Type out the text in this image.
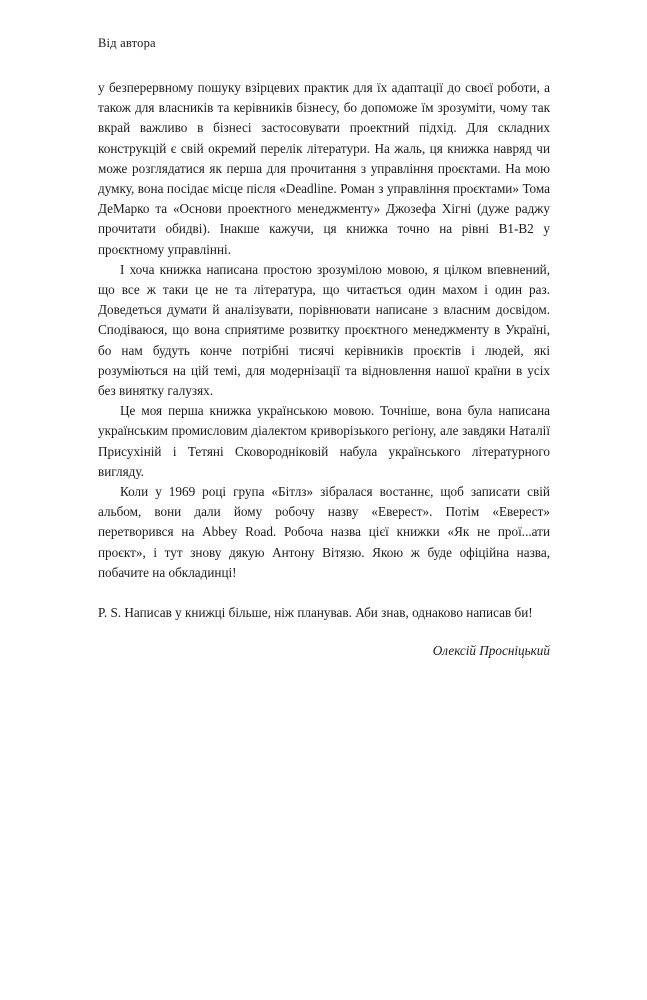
Від автора

у безперервному пошуку взірцевих практик для їх адаптації до своєї роботи, а також для власників та керівників бізнесу, бо допоможе їм зрозуміти, чому так вкрай важливо в бізнесі застосовувати проектний підхід. Для складних конструкцій є свій окремий перелік літератури. На жаль, ця книжка навряд чи може розглядатися як перша для прочитання з управління проєктами. На мою думку, вона посідає місце після «Deadline. Роман з управління проєктами» Тома ДеМарко та «Основи проектного менеджменту» Джозефа Хігні (дуже раджу прочитати обидві). Інакше кажучи, ця книжка точно на рівні B1-B2 у проєктному управлінні.

І хоча книжка написана простою зрозумілою мовою, я цілком впевнений, що все ж таки це не та література, що читається один махом і один раз. Доведеться думати й аналізувати, порівнювати написане з власним досвідом. Сподіваюся, що вона сприятиме розвитку проєктного менеджменту в Україні, бо нам будуть конче потрібні тисячі керівників проєктів і людей, які розуміються на цій темі, для модернізації та відновлення нашої країни в усіх без винятку галузях.

Це моя перша книжка українською мовою. Точніше, вона була написана українським промисловим діалектом криворізького регіону, але завдяки Наталії Присухіній і Тетяні Сковородніковій набула українського літературного вигляду.

Коли у 1969 році група «Бітлз» зібралася востаннє, щоб записати свій альбом, вони дали йому робочу назву «Еверест». Потім «Еверест» перетворився на Abbey Road. Робоча назва цієї книжки «Як не прої...ати проєкт», і тут знову дякую Антону Вітязю. Якою ж буде офіційна назва, побачите на обкладинці!

P. S. Написав у книжці більше, ніж планував. Аби знав, однаково написав би!

Олексій Просніцький
